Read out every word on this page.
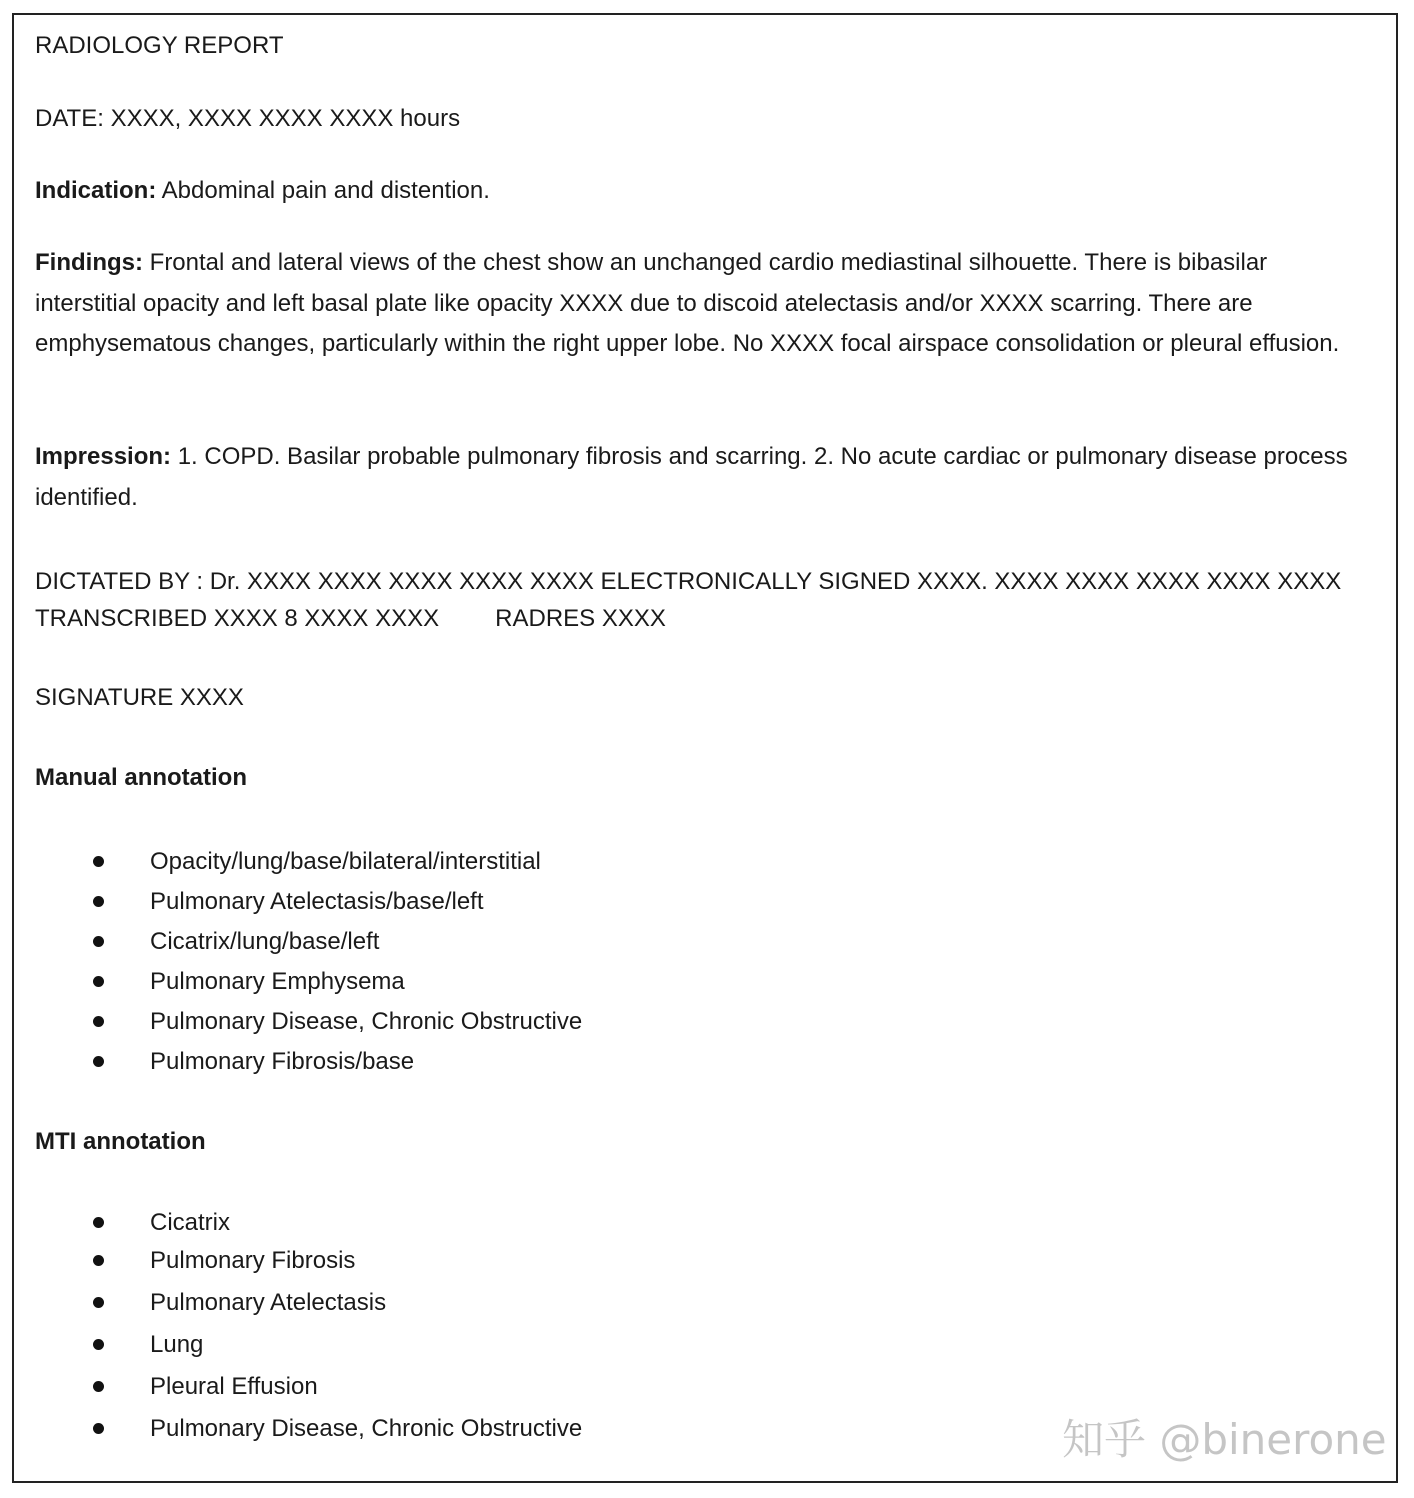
RADIOLOGY REPORT
DATE: XXXX, XXXX XXXX XXXX hours
Indication: Abdominal pain and distention.
Findings: Frontal and lateral views of the chest show an unchanged cardio mediastinal silhouette. There is bibasilar interstitial opacity and left basal plate like opacity XXXX due to discoid atelectasis and/or XXXX scarring. There are emphysematous changes, particularly within the right upper lobe. No XXXX focal airspace consolidation or pleural effusion.
Impression: 1. COPD. Basilar probable pulmonary fibrosis and scarring. 2. No acute cardiac or pulmonary disease process identified.
DICTATED BY : Dr. XXXX XXXX XXXX XXXX XXXX ELECTRONICALLY SIGNED XXXX. XXXX XXXX XXXX XXXX XXXX
TRANSCRIBED XXXX 8 XXXX XXXX RADRES XXXX
SIGNATURE XXXX
Manual annotation
Opacity/lung/base/bilateral/interstitial
Pulmonary Atelectasis/base/left
Cicatrix/lung/base/left
Pulmonary Emphysema
Pulmonary Disease, Chronic Obstructive
Pulmonary Fibrosis/base
MTI annotation
Cicatrix
Pulmonary Fibrosis
Pulmonary Atelectasis
Lung
Pleural Effusion
Pulmonary Disease, Chronic Obstructive	知乎 @binerone
